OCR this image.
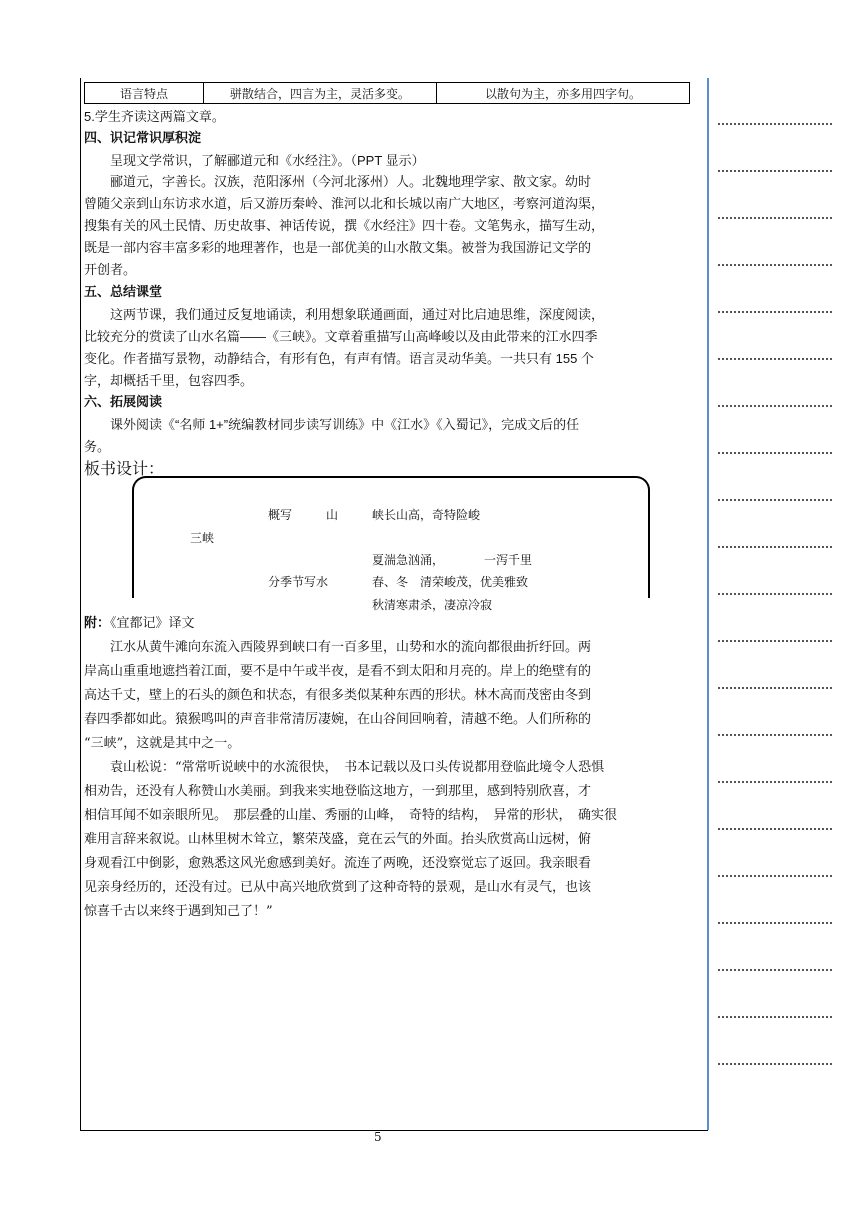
语言特点	骈散结合，四言为主，灵活多变。	以散句为主，亦多用四字句。
5.学生齐读这两篇文章。
四、识记常识厚积淀
呈现文学常识，了解郦道元和《水经注》。（PPT 显示）
郦道元，字善长。汉族，范阳涿州（今河北涿州）人。北魏地理学家、散文家。幼时
曾随父亲到山东访求水道，后又游历秦岭、淮河以北和长城以南广大地区，考察河道沟渠，
搜集有关的风土民情、历史故事、神话传说，撰《水经注》四十卷。文笔隽永，描写生动，
既是一部内容丰富多彩的地理著作，也是一部优美的山水散文集。被誉为我国游记文学的
开创者。
五、总结课堂
这两节课，我们通过反复地诵读，利用想象联通画面，通过对比启迪思维，深度阅读，
比较充分的赏读了山水名篇——《三峡》。文章着重描写山高峰峻以及由此带来的江水四季
变化。作者描写景物，动静结合，有形有色，有声有情。语言灵动华美。一共只有 155 个
字，却概括千里，包容四季。
六、拓展阅读
课外阅读《“名师 1+”统编教材同步读写训练》中《江水》《入蜀记》，完成文后的任
务。
板书设计：
概写	山	峡长山高，奇特险峻
三峡
夏湍急汹涌，	一泻千里
分季节写水	春、冬　清荣峻茂，优美雅致
秋清寒肃杀，凄凉冷寂
附：《宜都记》译文
江水从黄牛滩向东流入西陵界到峡口有一百多里，山势和水的流向都很曲折纡回。两
岸高山重重地遮挡着江面，要不是中午或半夜，是看不到太阳和月亮的。岸上的绝壁有的
高达千丈，壁上的石头的颜色和状态，有很多类似某种东西的形状。林木高而茂密由冬到
春四季都如此。猿猴鸣叫的声音非常清厉凄婉，在山谷间回响着，清越不绝。人们所称的
“三峡”，这就是其中之一。
袁山松说：“常常听说峡中的水流很快，　书本记载以及口头传说都用登临此境令人恐惧
相劝告，还没有人称赞山水美丽。到我来实地登临这地方，一到那里，感到特别欣喜，才
相信耳闻不如亲眼所见。　那层叠的山崖、秀丽的山峰，　奇特的结构，　异常的形状，　确实很
难用言辞来叙说。山林里树木耸立，繁荣茂盛，竟在云气的外面。抬头欣赏高山远树，俯
身观看江中倒影，愈熟悉这风光愈感到美好。流连了两晚，还没察觉忘了返回。我亲眼看
见亲身经历的，还没有过。已从中高兴地欣赏到了这种奇特的景观，是山水有灵气，也该
惊喜千古以来终于遇到知己了！”
5
